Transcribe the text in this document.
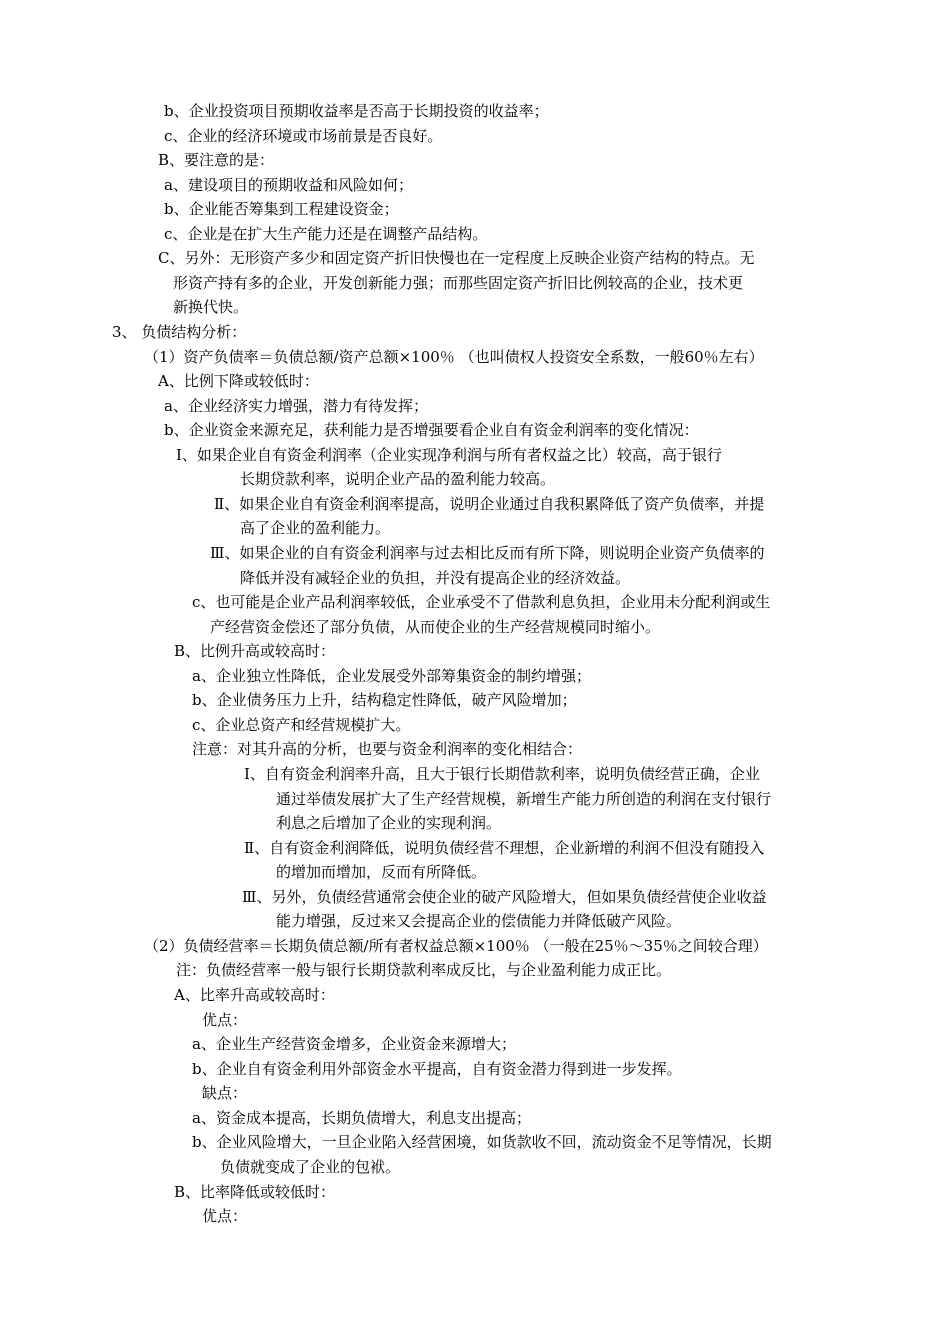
b、企业投资项目预期收益率是否高于长期投资的收益率；

c、企业的经济环境或市场前景是否良好。

B、要注意的是：

a、建设项目的预期收益和风险如何；

b、企业能否筹集到工程建设资金；

c、企业是在扩大生产能力还是在调整产品结构。

C、另外：无形资产多少和固定资产折旧快慢也在一定程度上反映企业资产结构的特点。无

形资产持有多的企业，开发创新能力强；而那些固定资产折旧比例较高的企业，技术更

新换代快。

3、 负债结构分析：

（1）资产负债率＝负债总额/资产总额×100％ （也叫债权人投资安全系数，一般60％左右）

A、比例下降或较低时：

a、企业经济实力增强，潜力有待发挥；

b、企业资金来源充足，获利能力是否增强要看企业自有资金利润率的变化情况：

Ⅰ、如果企业自有资金利润率（企业实现净利润与所有者权益之比）较高，高于银行

长期贷款利率，说明企业产品的盈利能力较高。

Ⅱ、如果企业自有资金利润率提高，说明企业通过自我积累降低了资产负债率，并提

高了企业的盈利能力。

Ⅲ、如果企业的自有资金利润率与过去相比反而有所下降，则说明企业资产负债率的

降低并没有减轻企业的负担，并没有提高企业的经济效益。

c、也可能是企业产品利润率较低，企业承受不了借款利息负担，企业用未分配利润或生

产经营资金偿还了部分负债，从而使企业的生产经营规模同时缩小。

B、比例升高或较高时：

a、企业独立性降低，企业发展受外部筹集资金的制约增强；

b、企业债务压力上升，结构稳定性降低，破产风险增加；

c、企业总资产和经营规模扩大。

注意：对其升高的分析，也要与资金利润率的变化相结合：

Ⅰ、自有资金利润率升高，且大于银行长期借款利率，说明负债经营正确，企业

通过举债发展扩大了生产经营规模，新增生产能力所创造的利润在支付银行

利息之后增加了企业的实现利润。

Ⅱ、自有资金利润降低，说明负债经营不理想，企业新增的利润不但没有随投入

的增加而增加，反而有所降低。

Ⅲ、另外，负债经营通常会使企业的破产风险增大，但如果负债经营使企业收益

能力增强，反过来又会提高企业的偿债能力并降低破产风险。

（2）负债经营率＝长期负债总额/所有者权益总额×100％ （一般在25％～35％之间较合理）

注：负债经营率一般与银行长期贷款利率成反比，与企业盈利能力成正比。

A、比率升高或较高时：

优点：

a、企业生产经营资金增多，企业资金来源增大；

b、企业自有资金利用外部资金水平提高，自有资金潜力得到进一步发挥。

缺点：

a、资金成本提高，长期负债增大，利息支出提高；

b、企业风险增大，一旦企业陷入经营困境，如货款收不回，流动资金不足等情况，长期

负债就变成了企业的包袱。

B、比率降低或较低时：

优点：
